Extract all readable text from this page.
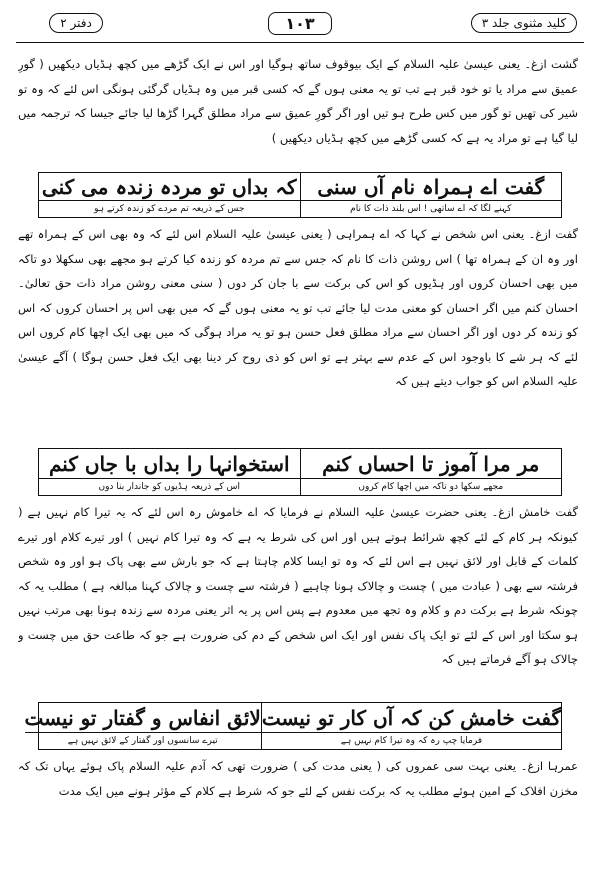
کلید مثنوی جلد ۳
۱۰۳
دفتر ۲
گشت ازغ۔ یعنی عیسیٰ علیہ السلام کے ایک بیوقوف ساتھ ہوگیا اور اس نے ایک گڑھے میں کچھ ہڈیاں دیکھیں ( گورِ عمیق سے مراد یا تو خود قبر ہے تب تو یہ معنی ہوں گے کہ کسی قبر میں وہ ہڈیاں گرگئی ہونگی اس لئے کہ وہ تو شیر کی تھیں تو گور میں کس طرح ہو تیں اور اگر گورِ عمیق سے مراد مطلق گہرا گڑھا لیا جائے جیسا کہ ترجمہ میں لیا گیا ہے تو مراد یہ ہے کہ کسی گڑھے میں کچھ ہڈیاں دیکھیں )
گفت اے ہمراہ نام آں سنی
کہنے لگا کہ اے ساتھی ! اس بلند ذات کا نام
کہ بداں تو مردہ زندہ می کنی
جس کے ذریعہ تم مردے کو زندہ کرتے ہو
گفت ازغ۔ یعنی اس شخص نے کہا کہ اے ہمراہی ( یعنی عیسیٰ علیہ السلام اس لئے کہ وہ بھی اس کے ہمراہ تھے اور وہ ان کے ہمراہ تھا ) اس روشن ذات کا نام کہ جس سے تم مردہ کو زندہ کیا کرتے ہو مجھے بھی سکھلا دو تاکہ میں بھی احسان کروں اور ہڈیوں کو اس کی برکت سے با جان کر دوں ( سنی معنی روشن مراد ذات حق تعالیٰ۔ احسان کنم میں اگر احسان کو معنی مدت لیا جائے تب تو یہ معنی ہوں گے کہ میں بھی اس پر احسان کروں کہ اس کو زندہ کر دوں اور اگر احسان سے مراد مطلق فعل حسن ہو تو یہ مراد ہوگی کہ میں بھی ایک اچھا کام کروں اس لئے کہ ہر شے کا باوجود اس کے عدم سے بہتر ہے تو اس کو ذی روح کر دینا بھی ایک فعل حسن ہوگا ) آگے عیسیٰ علیہ السلام اس کو جواب دیتے ہیں کہ
مر مرا آموز تا احساں کنم
مجھے سکھا دو تاکہ میں اچھا کام کروں
استخوانہا را بداں با جاں کنم
اس کے ذریعہ ہڈیوں کو جاندار بنا دوں
گفت خامش ازغ۔ یعنی حضرت عیسیٰ علیہ السلام نے فرمایا کہ اے خاموش رہ اس لئے کہ یہ تیرا کام نہیں ہے ( کیونکہ ہر کام کے لئے کچھ شرائط ہوتے ہیں اور اس کی شرط یہ ہے کہ وہ تیرا کام نہیں ) اور تیرے کلام اور تیرے کلمات کے قابل اور لائق نہیں ہے اس لئے کہ وہ تو ایسا کلام چاہتا ہے کہ جو بارش سے بھی پاک ہو اور وہ شخص فرشتہ سے بھی ( عبادت میں ) چست و چالاک ہونا چاہیے ( فرشتہ سے چست و چالاک کہنا مبالغہ ہے ) مطلب یہ کہ چونکہ شرط ہے برکت دم و کلام وہ تجھ میں معدوم ہے پس اس پر یہ اثر یعنی مردہ سے زندہ ہونا بھی مرتب نہیں ہو سکتا اور اس کے لئے تو ایک پاک نفس اور ایک اس شخص کے دم کی ضرورت ہے جو کہ طاعت حق میں چست و چالاک ہو آگے فرماتے ہیں کہ
گفت خامش کن کہ آں کار تو نیست
فرمایا چپ رہ کہ وہ تیرا کام نہیں ہے
لائق انفاس و گفتار تو نیست
تیرے سانسوں اور گفتار کے لائق نہیں ہے
عمرہا ازغ۔ یعنی بہت سی عمروں کی ( یعنی مدت کی ) ضرورت تھی کہ آدم علیہ السلام پاک ہوئے یہاں تک کہ مخزن افلاک کے امین ہوئے مطلب یہ کہ برکت نفس کے لئے جو کہ شرط ہے کلام کے مؤثر ہونے میں ایک مدت
